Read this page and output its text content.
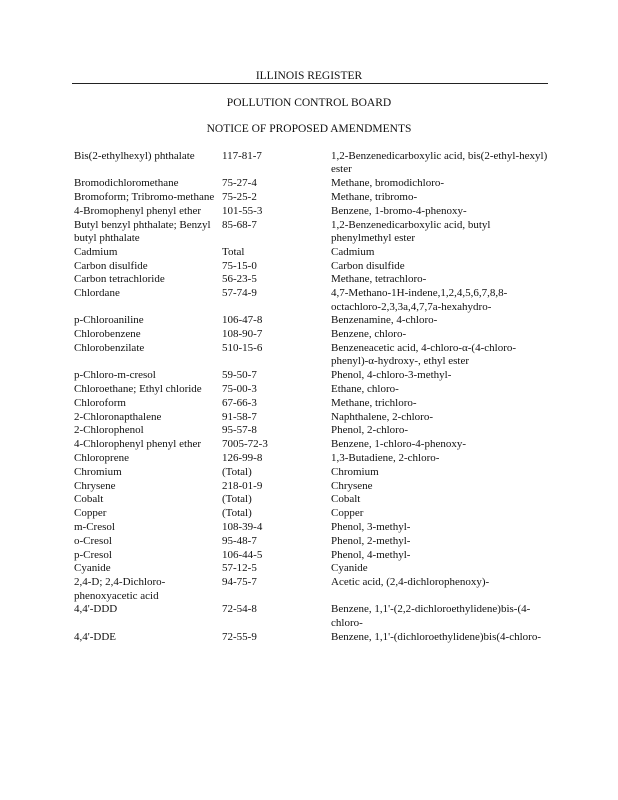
ILLINOIS REGISTER
POLLUTION CONTROL BOARD
NOTICE OF PROPOSED AMENDMENTS
Bis(2-ethylhexyl) phthalate	117-81-7	1,2-Benzenedicarboxylic acid, bis(2-ethyl-hexyl) ester
Bromodichloromethane	75-27-4	Methane, bromodichloro-
Bromoform; Tribromo-methane	75-25-2	Methane, tribromo-
4-Bromophenyl phenyl ether	101-55-3	Benzene, 1-bromo-4-phenoxy-
Butyl benzyl phthalate; Benzyl butyl phthalate	85-68-7	1,2-Benzenedicarboxylic acid, butyl phenylmethyl ester
Cadmium	Total	Cadmium
Carbon disulfide	75-15-0	Carbon disulfide
Carbon tetrachloride	56-23-5	Methane, tetrachloro-
Chlordane	57-74-9	4,7-Methano-1H-indene,1,2,4,5,6,7,8,8-octachloro-2,3,3a,4,7,7a-hexahydro-
p-Chloroaniline	106-47-8	Benzenamine, 4-chloro-
Chlorobenzene	108-90-7	Benzene, chloro-
Chlorobenzilate	510-15-6	Benzeneacetic acid, 4-chloro-α-(4-chloro-phenyl)-α-hydroxy-, ethyl ester
p-Chloro-m-cresol	59-50-7	Phenol, 4-chloro-3-methyl-
Chloroethane; Ethyl chloride	75-00-3	Ethane, chloro-
Chloroform	67-66-3	Methane, trichloro-
2-Chloronapthalene	91-58-7	Naphthalene, 2-chloro-
2-Chlorophenol	95-57-8	Phenol, 2-chloro-
4-Chlorophenyl phenyl ether	7005-72-3	Benzene, 1-chloro-4-phenoxy-
Chloroprene	126-99-8	1,3-Butadiene, 2-chloro-
Chromium	(Total)	Chromium
Chrysene	218-01-9	Chrysene
Cobalt	(Total)	Cobalt
Copper	(Total)	Copper
m-Cresol	108-39-4	Phenol, 3-methyl-
o-Cresol	95-48-7	Phenol, 2-methyl-
p-Cresol	106-44-5	Phenol, 4-methyl-
Cyanide	57-12-5	Cyanide
2,4-D; 2,4-Dichloro-phenoxyacetic acid	94-75-7	Acetic acid, (2,4-dichlorophenoxy)-
4,4'-DDD	72-54-8	Benzene, 1,1'-(2,2-dichloroethylidene)bis-(4-chloro-
4,4'-DDE	72-55-9	Benzene, 1,1'-(dichloroethylidene)bis(4-chloro-
